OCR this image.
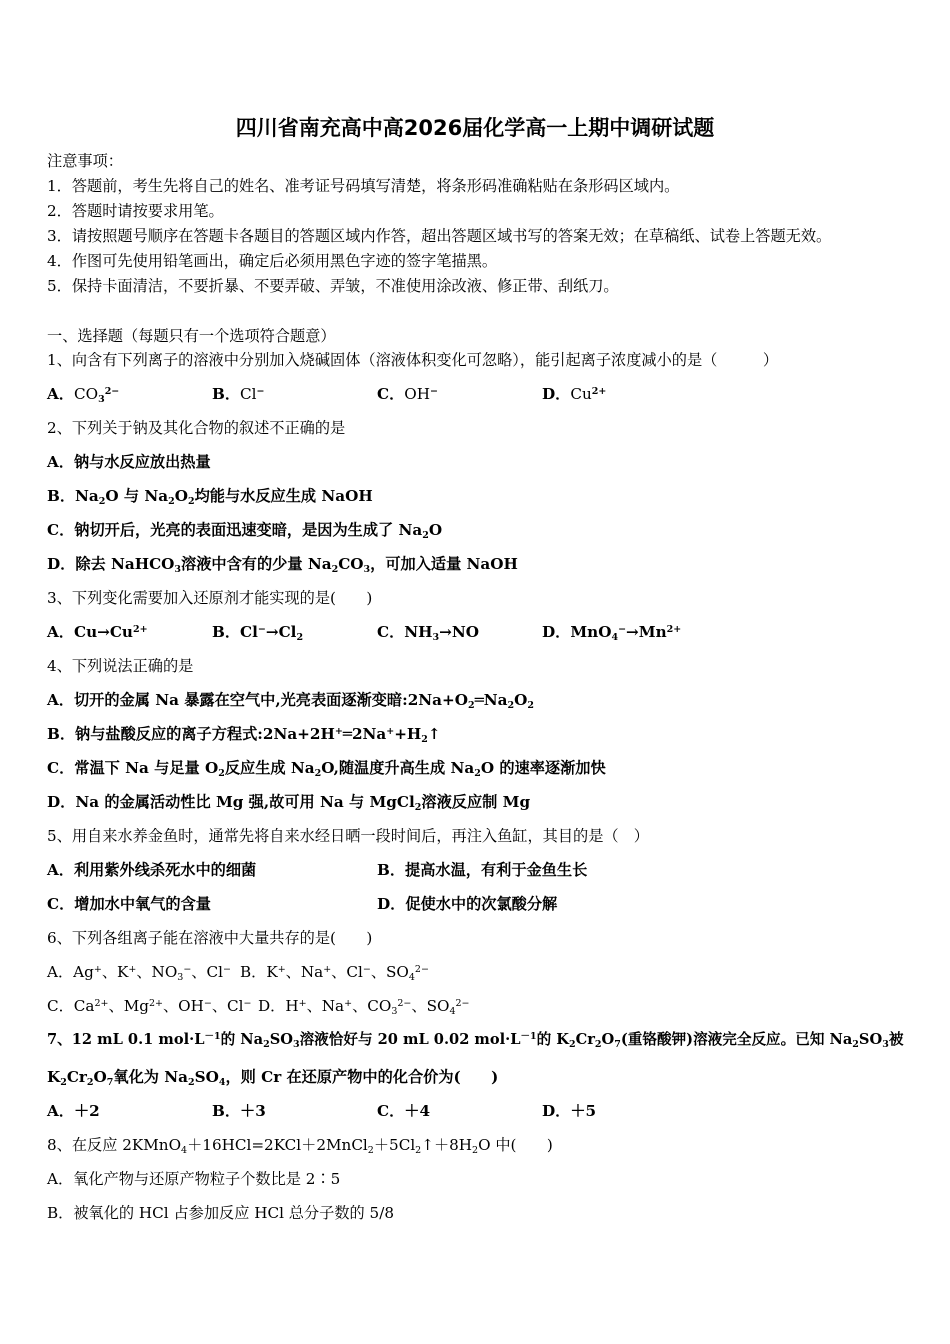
四川省南充高中高2026届化学高一上期中调研试题
注意事项：
1．答题前，考生先将自己的姓名、准考证号码填写清楚，将条形码准确粘贴在条形码区域内。
2．答题时请按要求用笔。
3．请按照题号顺序在答题卡各题目的答题区域内作答，超出答题区域书写的答案无效；在草稿纸、试卷上答题无效。
4．作图可先使用铅笔画出，确定后必须用黑色字迹的签字笔描黑。
5．保持卡面清洁，不要折暴、不要弄破、弄皱，不准使用涂改液、修正带、刮纸刀。
一、选择题（每题只有一个选项符合题意）
1、向含有下列离子的溶液中分别加入烧碱固体（溶液体积变化可忽略），能引起离子浓度减小的是（　　　）
A．$CO_3^{2-}$	B．Cl−	C．OH−	D．$Cu^{2+}$
2、下列关于钠及其化合物的叙述不正确的是
A．钠与水反应放出热量
B．$Na_2O$ 与 $Na_2O_2$均能与水反应生成 NaOH
C．钠切开后，光亮的表面迅速变暗，是因为生成了 $Na_2O$
D．除去 NaHCO$_3$溶液中含有的少量 $Na_2CO_3$，可加入适量 NaOH
3、下列变化需要加入还原剂才能实现的是(　　)
A．$Cu\to Cu^{2+}$	B．$Cl^-\to Cl_2$	C．$NH_3\to NO$	D．$MnO_4^-\to Mn^{2+}$
4、下列说法正确的是
A．切开的金属 Na 暴露在空气中,光亮表面逐渐变暗$:2Na+O_2═Na_2O_2$
B．钠与盐酸反应的离子方程式$:2Na+2H^+═2Na^++H_2↑$
C．常温下 Na 与足量 $O_2$反应生成 $Na_2O$,随温度升高生成 $Na_2O$ 的速率逐渐加快
D．Na 的金属活动性比 Mg 强,故可用 Na 与 MgCl$_2$溶液反应制 Mg
5、用自来水养金鱼时，通常先将自来水经日晒一段时间后，再注入鱼缸，其目的是（　）
A．利用紫外线杀死水中的细菌	B．提高水温，有利于金鱼生长
C．增加水中氧气的含量	D．促使水中的次氯酸分解
6、下列各组离子能在溶液中大量共存的是(　　)
A．Ag+、K+、$NO_3^-$、Cl− B．K+、Na+、Cl−、$SO_4^{2-}$
C．$Ca^{2+}$、$Mg^{2+}$、OH−、Cl− D．H+、Na+、$CO_3^{2-}$、$SO_4^{2-}$
7、12 mL 0.1 $mol\cdot L^{-1}$的 $Na_2SO_3$溶液恰好与 20 mL 0.02 $mol\cdot L^{-1}$的 $K_2Cr_2O_7$(重铬酸钾)溶液完全反应。已知 $Na_2SO_3$被
$K_2Cr_2O_7$氧化为 $Na_2SO_4$，则 Cr 在还原产物中的化合价为(　　)
A．＋2	B．＋3	C．＋4	D．＋5
8、在反应 $2KMnO_4+16HCl=2KCl+2MnCl_2+5Cl_2↑+8H_2O$ 中(　　)
A．氧化产物与还原产物粒子个数比是 2∶5
B．被氧化的 HCl 占参加反应 HCl 总分子数的 5/8
